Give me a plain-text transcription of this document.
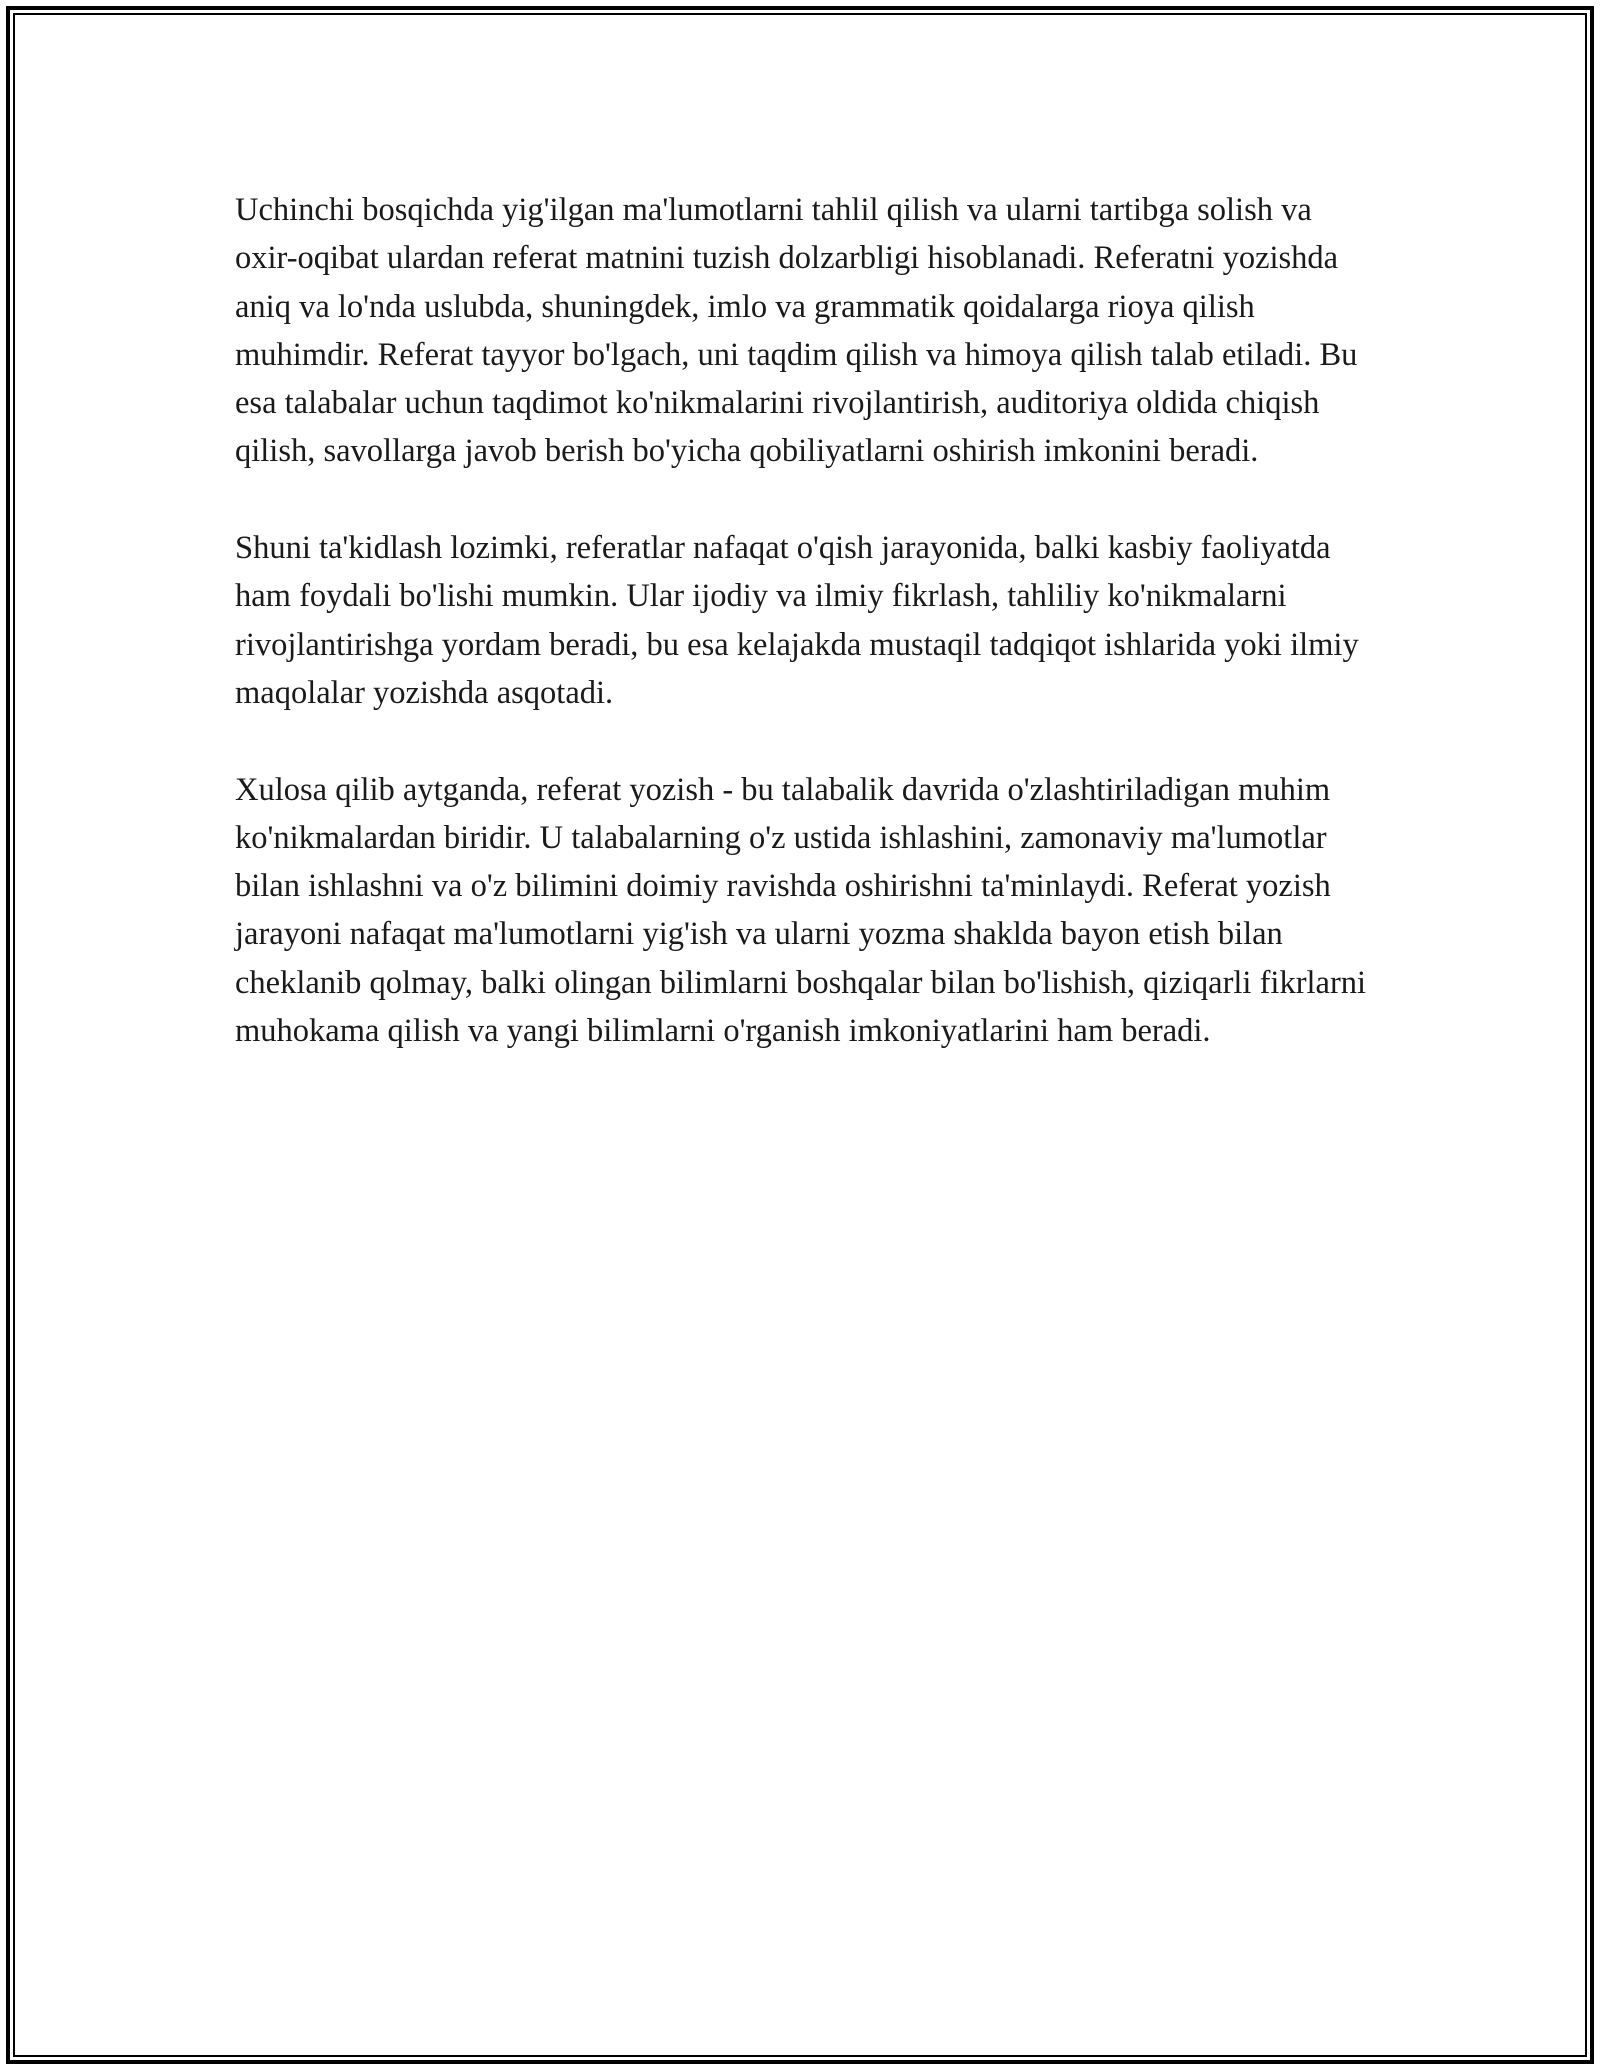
Uchinchi bosqichda yig'ilgan ma'lumotlarni tahlil qilish va ularni tartibga solish va oxir-oqibat ulardan referat matnini tuzish dolzarbligi hisoblanadi. Referatni yozishda aniq va lo'nda uslubda, shuningdek, imlo va grammatik qoidalarga rioya qilish muhimdir. Referat tayyor bo'lgach, uni taqdim qilish va himoya qilish talab etiladi. Bu esa talabalar uchun taqdimot ko'nikmalarini rivojlantirish, auditoriya oldida chiqish qilish, savollarga javob berish bo'yicha qobiliyatlarni oshirish imkonini beradi.

Shuni ta'kidlash lozimki, referatlar nafaqat o'qish jarayonida, balki kasbiy faoliyatda ham foydali bo'lishi mumkin. Ular ijodiy va ilmiy fikrlash, tahliliy ko'nikmalarni rivojlantirishga yordam beradi, bu esa kelajakda mustaqil tadqiqot ishlarida yoki ilmiy maqolalar yozishda asqotadi.

Xulosa qilib aytganda, referat yozish - bu talabalik davrida o'zlashtiriladigan muhim ko'nikmalardan biridir. U talabalarning o'z ustida ishlashini, zamonaviy ma'lumotlar bilan ishlashni va o'z bilimini doimiy ravishda oshirishni ta'minlaydi. Referat yozish jarayoni nafaqat ma'lumotlarni yig'ish va ularni yozma shaklda bayon etish bilan cheklanib qolmay, balki olingan bilimlarni boshqalar bilan bo'lishish, qiziqarli fikrlarni muhokama qilish va yangi bilimlarni o'rganish imkoniyatlarini ham beradi.
